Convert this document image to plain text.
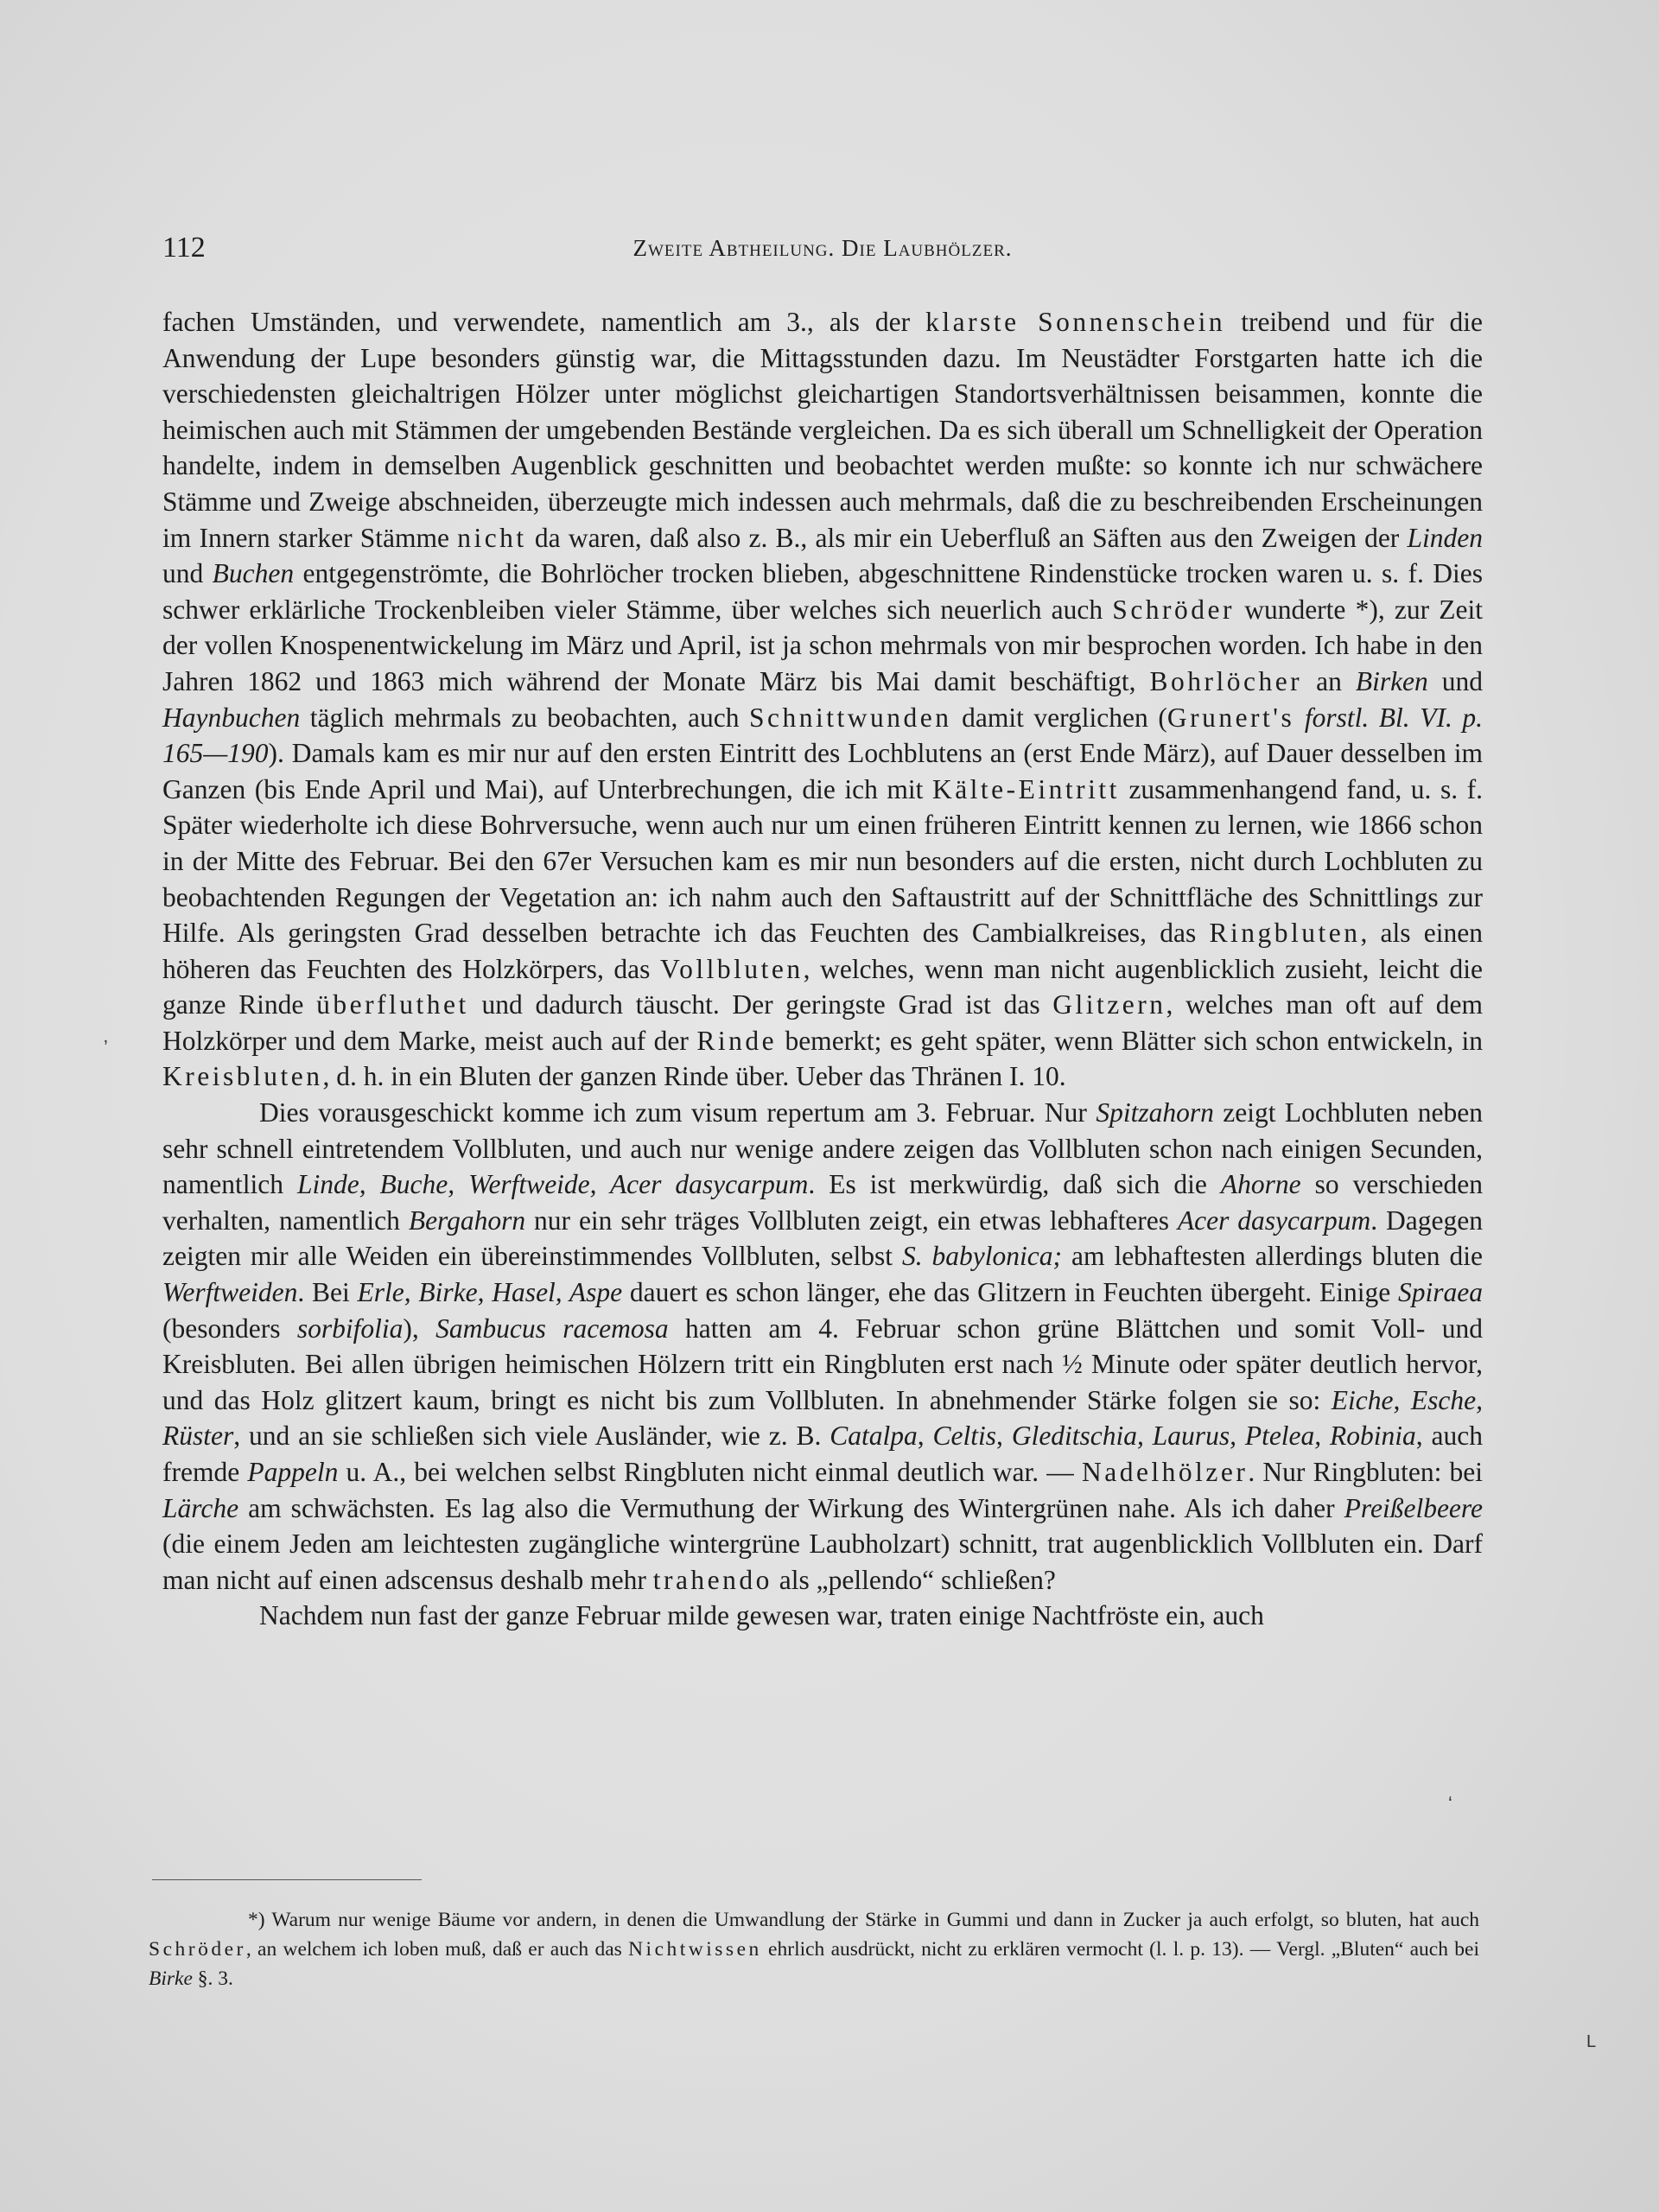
112	Zweite Abtheilung. Die Laubhölzer.

fachen Umständen, und verwendete, namentlich am 3., als der klarste Sonnenschein treibend und für die Anwendung der Lupe besonders günstig war, die Mittagsstunden dazu. Im Neustädter Forstgarten hatte ich die verschiedensten gleichaltrigen Hölzer unter möglichst gleichartigen Standortsverhältnissen beisammen, konnte die heimischen auch mit Stämmen der umgebenden Bestände vergleichen. Da es sich überall um Schnelligkeit der Operation handelte, indem in demselben Augenblick geschnitten und beobachtet werden mußte: so konnte ich nur schwächere Stämme und Zweige abschneiden, überzeugte mich indessen auch mehrmals, daß die zu beschreibenden Erscheinungen im Innern starker Stämme nicht da waren, daß also z. B., als mir ein Ueberfluß an Säften aus den Zweigen der Linden und Buchen entgegenströmte, die Bohrlöcher trocken blieben, abgeschnittene Rindenstücke trocken waren u. s. f. Dies schwer erklärliche Trockenbleiben vieler Stämme, über welches sich neuerlich auch Schröder wunderte *), zur Zeit der vollen Knospenentwickelung im März und April, ist ja schon mehrmals von mir besprochen worden. Ich habe in den Jahren 1862 und 1863 mich während der Monate März bis Mai damit beschäftigt, Bohrlöcher an Birken und Haynbuchen täglich mehrmals zu beobachten, auch Schnittwunden damit verglichen (Grunert's forstl. Bl. VI. p. 165—190). Damals kam es mir nur auf den ersten Eintritt des Lochblutens an (erst Ende März), auf Dauer desselben im Ganzen (bis Ende April und Mai), auf Unterbrechungen, die ich mit Kälte-Eintritt zusammenhangend fand, u. s. f. Später wiederholte ich diese Bohrversuche, wenn auch nur um einen früheren Eintritt kennen zu lernen, wie 1866 schon in der Mitte des Februar. Bei den 67er Versuchen kam es mir nun besonders auf die ersten, nicht durch Lochbluten zu beobachtenden Regungen der Vegetation an: ich nahm auch den Saftaustritt auf der Schnittfläche des Schnittlings zur Hilfe. Als geringsten Grad desselben betrachte ich das Feuchten des Cambialkreises, das Ringbluten, als einen höheren das Feuchten des Holzkörpers, das Vollbluten, welches, wenn man nicht augenblicklich zusieht, leicht die ganze Rinde überfluthet und dadurch täuscht. Der geringste Grad ist das Glitzern, welches man oft auf dem Holzkörper und dem Marke, meist auch auf der Rinde bemerkt; es geht später, wenn Blätter sich schon entwickeln, in Kreisbluten, d. h. in ein Bluten der ganzen Rinde über. Ueber das Thränen I. 10.

Dies vorausgeschickt komme ich zum visum repertum am 3. Februar. Nur Spitzahorn zeigt Lochbluten neben sehr schnell eintretendem Vollbluten, und auch nur wenige andere zeigen das Vollbluten schon nach einigen Secunden, namentlich Linde, Buche, Werftweide, Acer dasycarpum. Es ist merkwürdig, daß sich die Ahorne so verschieden verhalten, namentlich Bergahorn nur ein sehr träges Vollbluten zeigt, ein etwas lebhafteres Acer dasycarpum. Dagegen zeigten mir alle Weiden ein übereinstimmendes Vollbluten, selbst S. babylonica; am lebhaftesten allerdings bluten die Werftweiden. Bei Erle, Birke, Hasel, Aspe dauert es schon länger, ehe das Glitzern in Feuchten übergeht. Einige Spiraea (besonders sorbifolia), Sambucus racemosa hatten am 4. Februar schon grüne Blättchen und somit Voll- und Kreisbluten. Bei allen übrigen heimischen Hölzern tritt ein Ringbluten erst nach ½ Minute oder später deutlich hervor, und das Holz glitzert kaum, bringt es nicht bis zum Vollbluten. In abnehmender Stärke folgen sie so: Eiche, Esche, Rüster, und an sie schließen sich viele Ausländer, wie z. B. Catalpa, Celtis, Gleditschia, Laurus, Ptelea, Robinia, auch fremde Pappeln u. A., bei welchen selbst Ringbluten nicht einmal deutlich war. — Nadelhölzer. Nur Ringbluten: bei Lärche am schwächsten. Es lag also die Vermuthung der Wirkung des Wintergrünen nahe. Als ich daher Preißelbeere (die einem Jeden am leichtesten zugängliche wintergrüne Laubholzart) schnitt, trat augenblicklich Vollbluten ein. Darf man nicht auf einen adscensus deshalb mehr trahendo als „pellendo“ schließen?

Nachdem nun fast der ganze Februar milde gewesen war, traten einige Nachtfröste ein, auch

*) Warum nur wenige Bäume vor andern, in denen die Umwandlung der Stärke in Gummi und dann in Zucker ja auch erfolgt, so bluten, hat auch Schröder, an welchem ich loben muß, daß er auch das Nichtwissen ehrlich ausdrückt, nicht zu erklären vermocht (l. l. p. 13). — Vergl. „Bluten“ auch bei Birke §. 3.

ʼ
ʻ
L
